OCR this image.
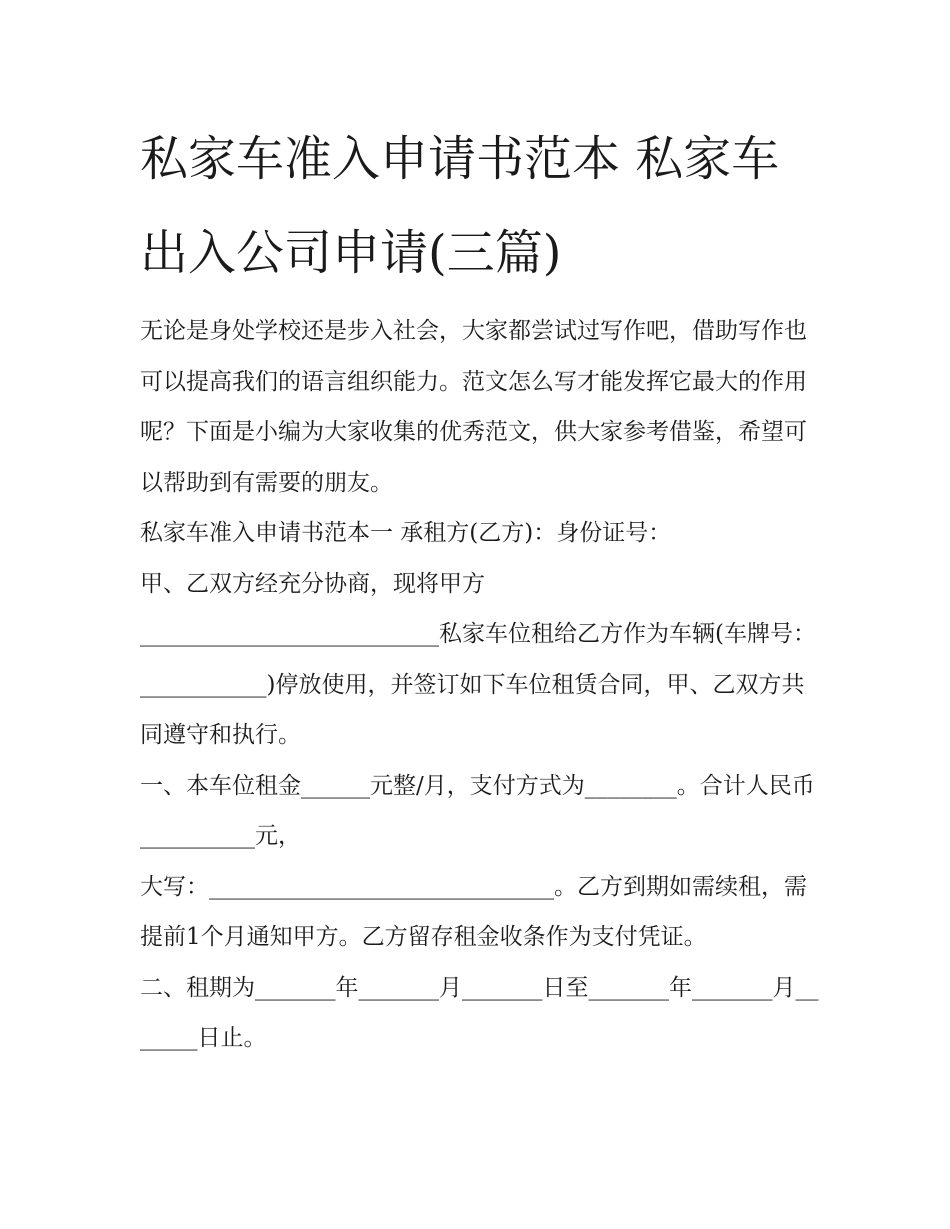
私家车准入申请书范本 私家车出入公司申请(三篇)

无论是身处学校还是步入社会，大家都尝试过写作吧，借助写作也可以提高我们的语言组织能力。范文怎么写才能发挥它最大的作用呢？下面是小编为大家收集的优秀范文，供大家参考借鉴，希望可以帮助到有需要的朋友。

私家车准入申请书范本一 承租方(乙方)：身份证号：

甲、乙双方经充分协商，现将甲方

__________________________私家车位租给乙方作为车辆(车牌号：___________)停放使用，并签订如下车位租赁合同，甲、乙双方共同遵守和执行。

一、本车位租金______元整/月，支付方式为________。合计人民币__________元，

大写：______________________________。乙方到期如需续租，需提前1个月通知甲方。乙方留存租金收条作为支付凭证。

二、租期为_______年_______月_______日至_______年_______月_______日止。
